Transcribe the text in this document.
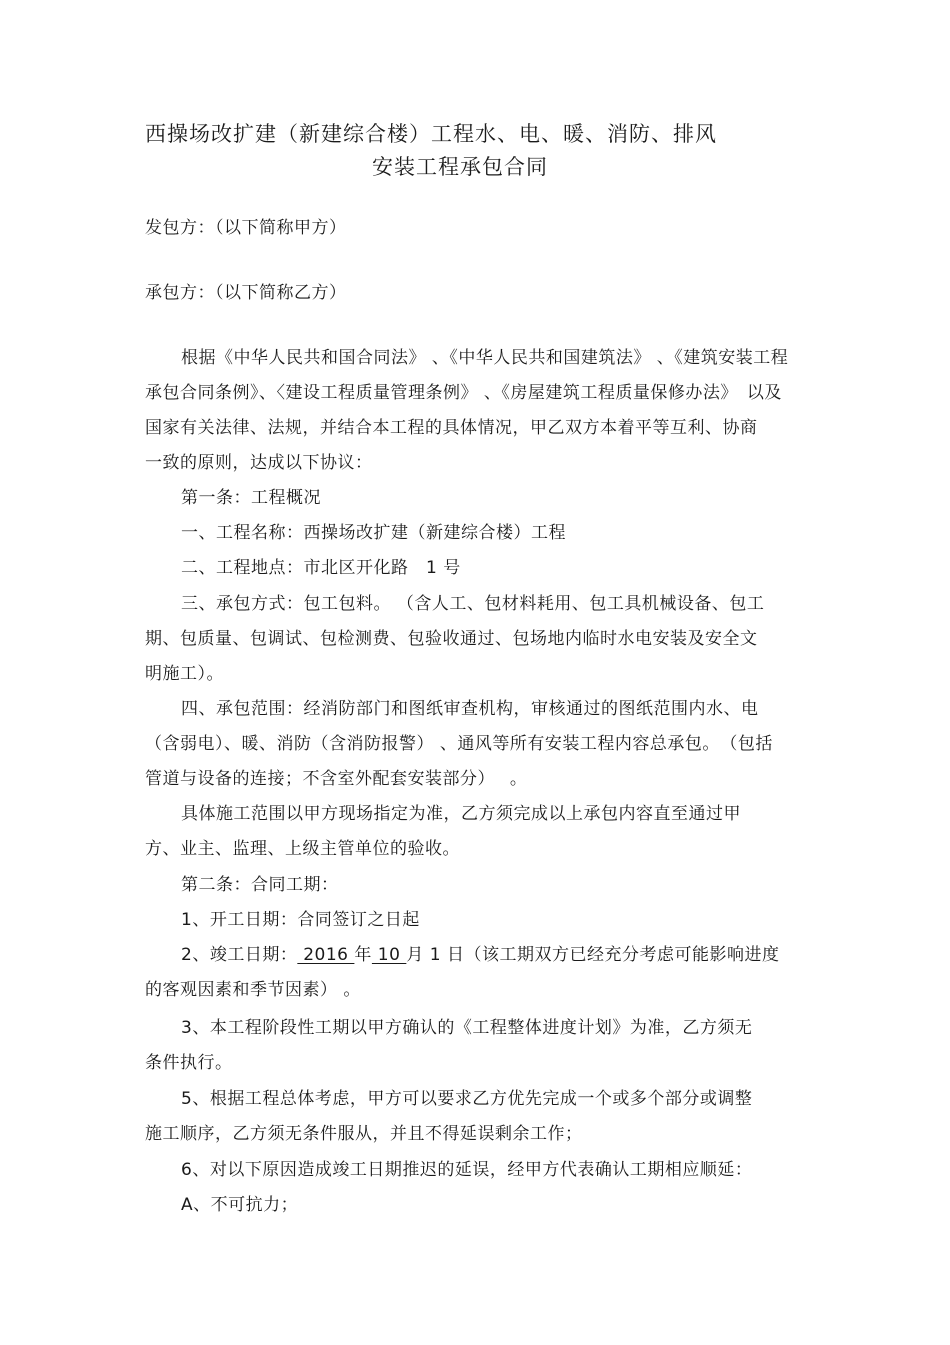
西操场改扩建（新建综合楼）工程水、电、暖、消防、排风
安装工程承包合同
发包方：（以下简称甲方）
承包方：（以下简称乙方）
根据《中华人民共和国合同法》 、《中华人民共和国建筑法》 、《建筑安装工程
承包合同条例》、〈建设工程质量管理条例》 、《房屋建筑工程质量保修办法》　以及
国家有关法律、法规，并结合本工程的具体情况，甲乙双方本着平等互利、协商
一致的原则，达成以下协议：
第一条：工程概况
一、工程名称：西操场改扩建（新建综合楼）工程
二、工程地点：市北区开化路　1 号
三、承包方式：包工包料。 （含人工、包材料耗用、包工具机械设备、包工
期、包质量、包调试、包检测费、包验收通过、包场地内临时水电安装及安全文
明施工）。
四、承包范围：经消防部门和图纸审查机构，审核通过的图纸范围内水、电
（含弱电）、暖、消防（含消防报警） 、通风等所有安装工程内容总承包。　（包括
管道与设备的连接；不含室外配套安装部分）　 。
具体施工范围以甲方现场指定为准，乙方须完成以上承包内容直至通过甲
方、业主、监理、上级主管单位的验收。
第二条：合同工期：
1、开工日期：合同签订之日起
2、竣工日期： 2016 年 10 月 1 日（该工期双方已经充分考虑可能影响进度
的客观因素和季节因素） 。
3、本工程阶段性工期以甲方确认的《工程整体进度计划》为准，乙方须无
条件执行。
5、根据工程总体考虑，甲方可以要求乙方优先完成一个或多个部分或调整
施工顺序，乙方须无条件服从，并且不得延误剩余工作；
6、对以下原因造成竣工日期推迟的延误，经甲方代表确认工期相应顺延：
A、不可抗力；
